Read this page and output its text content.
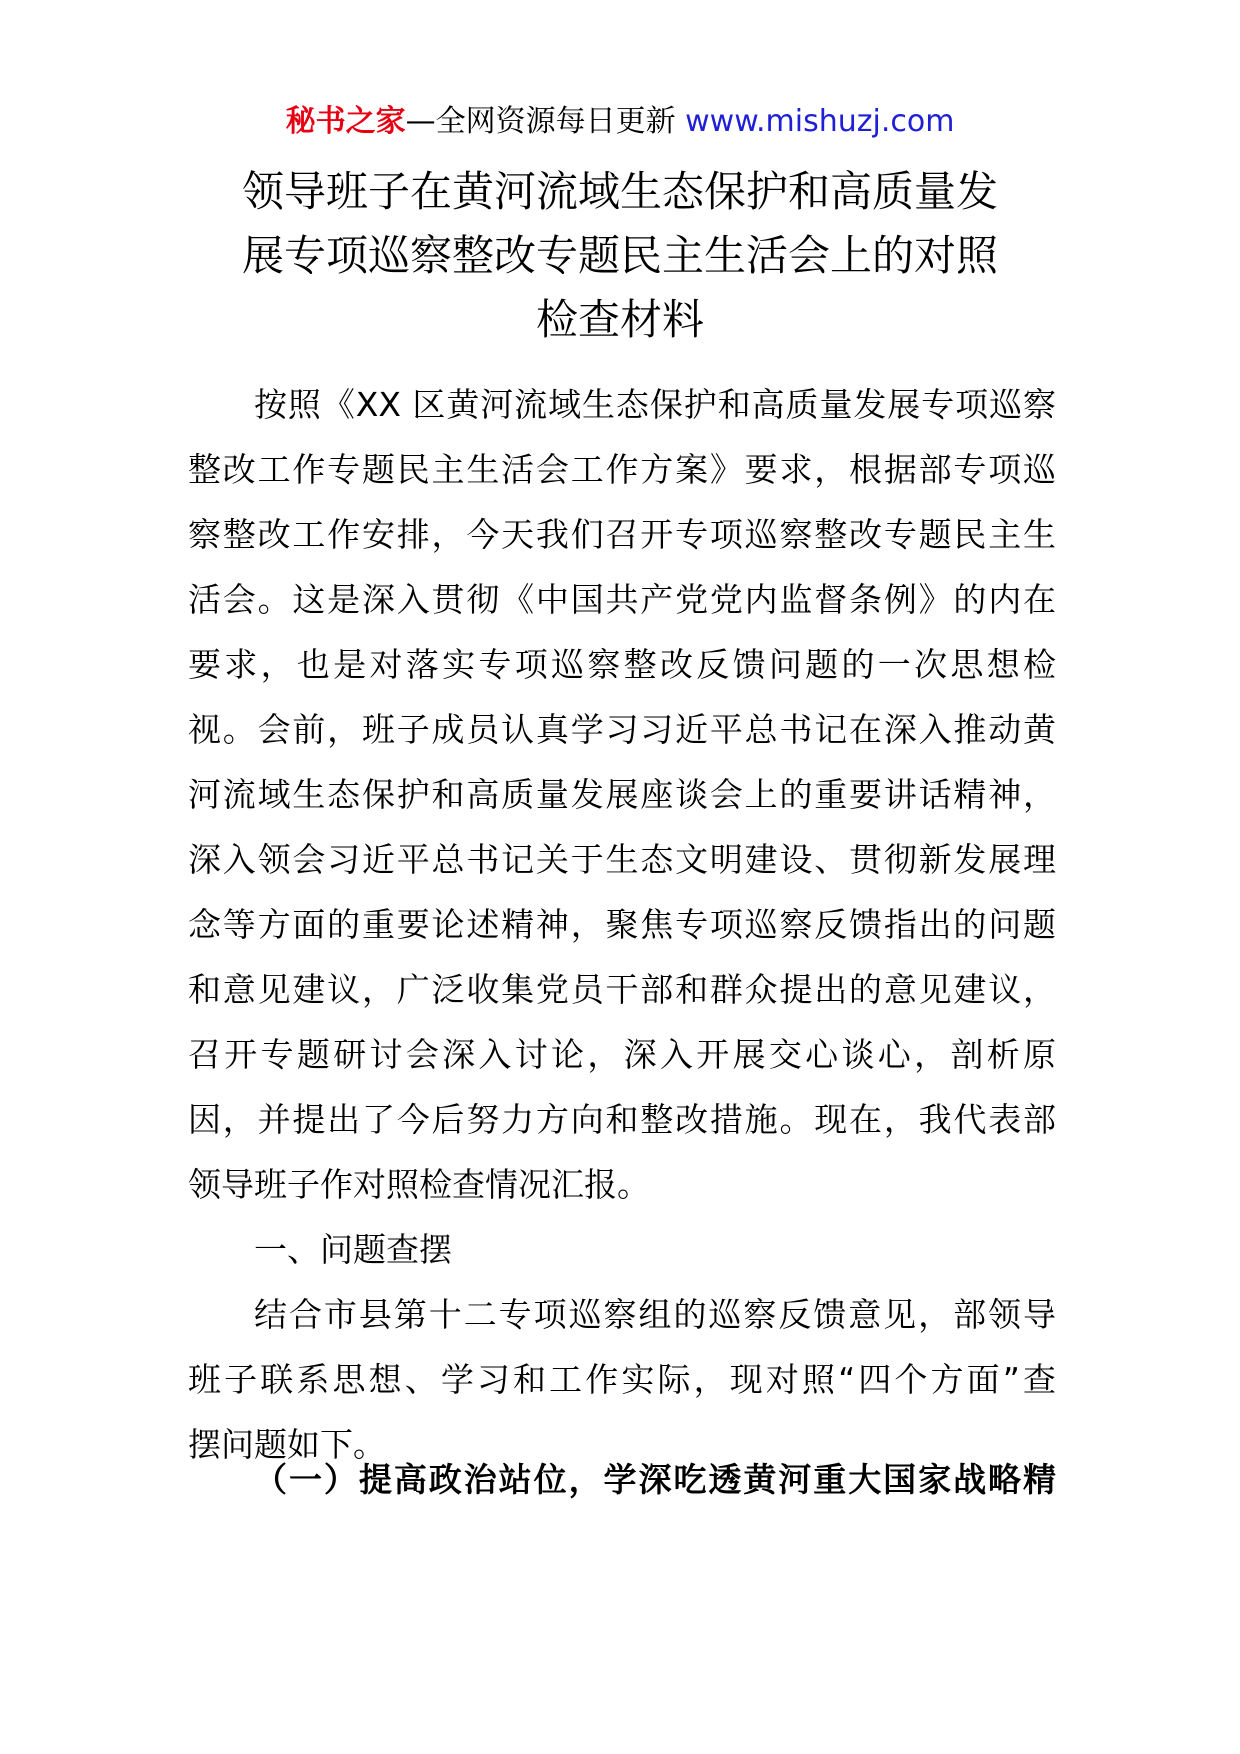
秘书之家—全网资源每日更新 www.mishuzj.com
领导班子在黄河流域生态保护和高质量发
展专项巡察整改专题民主生活会上的对照
检查材料
按照《XX 区黄河流域生态保护和高质量发展专项巡察
整改工作专题民主生活会工作方案》要求，根据部专项巡
察整改工作安排，今天我们召开专项巡察整改专题民主生
活会。这是深入贯彻《中国共产党党内监督条例》的内在
要求，也是对落实专项巡察整改反馈问题的一次思想检
视。会前，班子成员认真学习习近平总书记在深入推动黄
河流域生态保护和高质量发展座谈会上的重要讲话精神，
深入领会习近平总书记关于生态文明建设、贯彻新发展理
念等方面的重要论述精神，聚焦专项巡察反馈指出的问题
和意见建议，广泛收集党员干部和群众提出的意见建议，
召开专题研讨会深入讨论，深入开展交心谈心，剖析原
因，并提出了今后努力方向和整改措施。现在，我代表部
领导班子作对照检查情况汇报。
一、问题查摆
结合市县第十二专项巡察组的巡察反馈意见，部领导
班子联系思想、学习和工作实际，现对照“四个方面”查
摆问题如下。
（一）提高政治站位，学深吃透黄河重大国家战略精
